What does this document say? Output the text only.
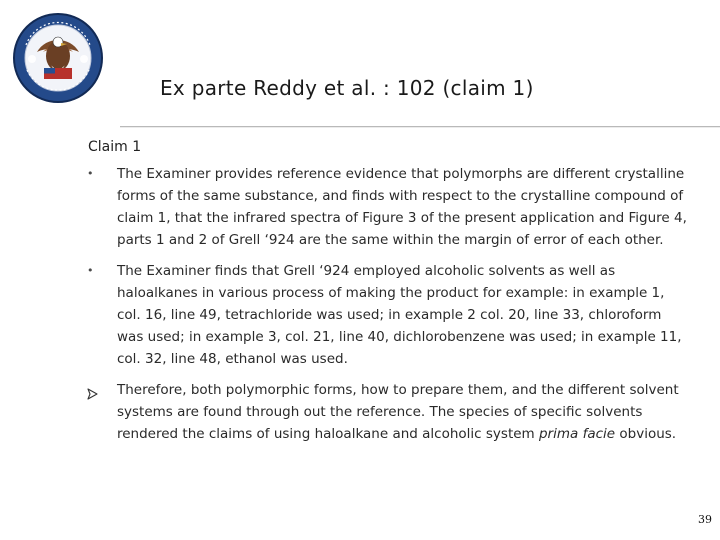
Ex parte Reddy et al. : 102 (claim 1)
Claim 1
•	The Examiner provides reference evidence that polymorphs are different crystalline forms of the same substance, and finds with respect to the crystalline compound of claim 1, that the infrared spectra of Figure 3 of the present application and Figure 4, parts 1 and 2 of Grell ‘924 are the same within the margin of error of each other.
•	The Examiner finds that Grell ‘924 employed alcoholic solvents as well as haloalkanes in various process of making the product for example: in example 1, col. 16, line 49, tetrachloride was used; in example 2 col. 20, line 33, chloroform was used; in example 3, col. 21, line 40, dichlorobenzene was used; in example 11, col. 32, line 48, ethanol was used.
Therefore, both polymorphic forms, how to prepare them, and the different solvent systems are found through out the reference. The species of specific solvents rendered the claims of using haloalkane and alcoholic system prima facie obvious.
39
